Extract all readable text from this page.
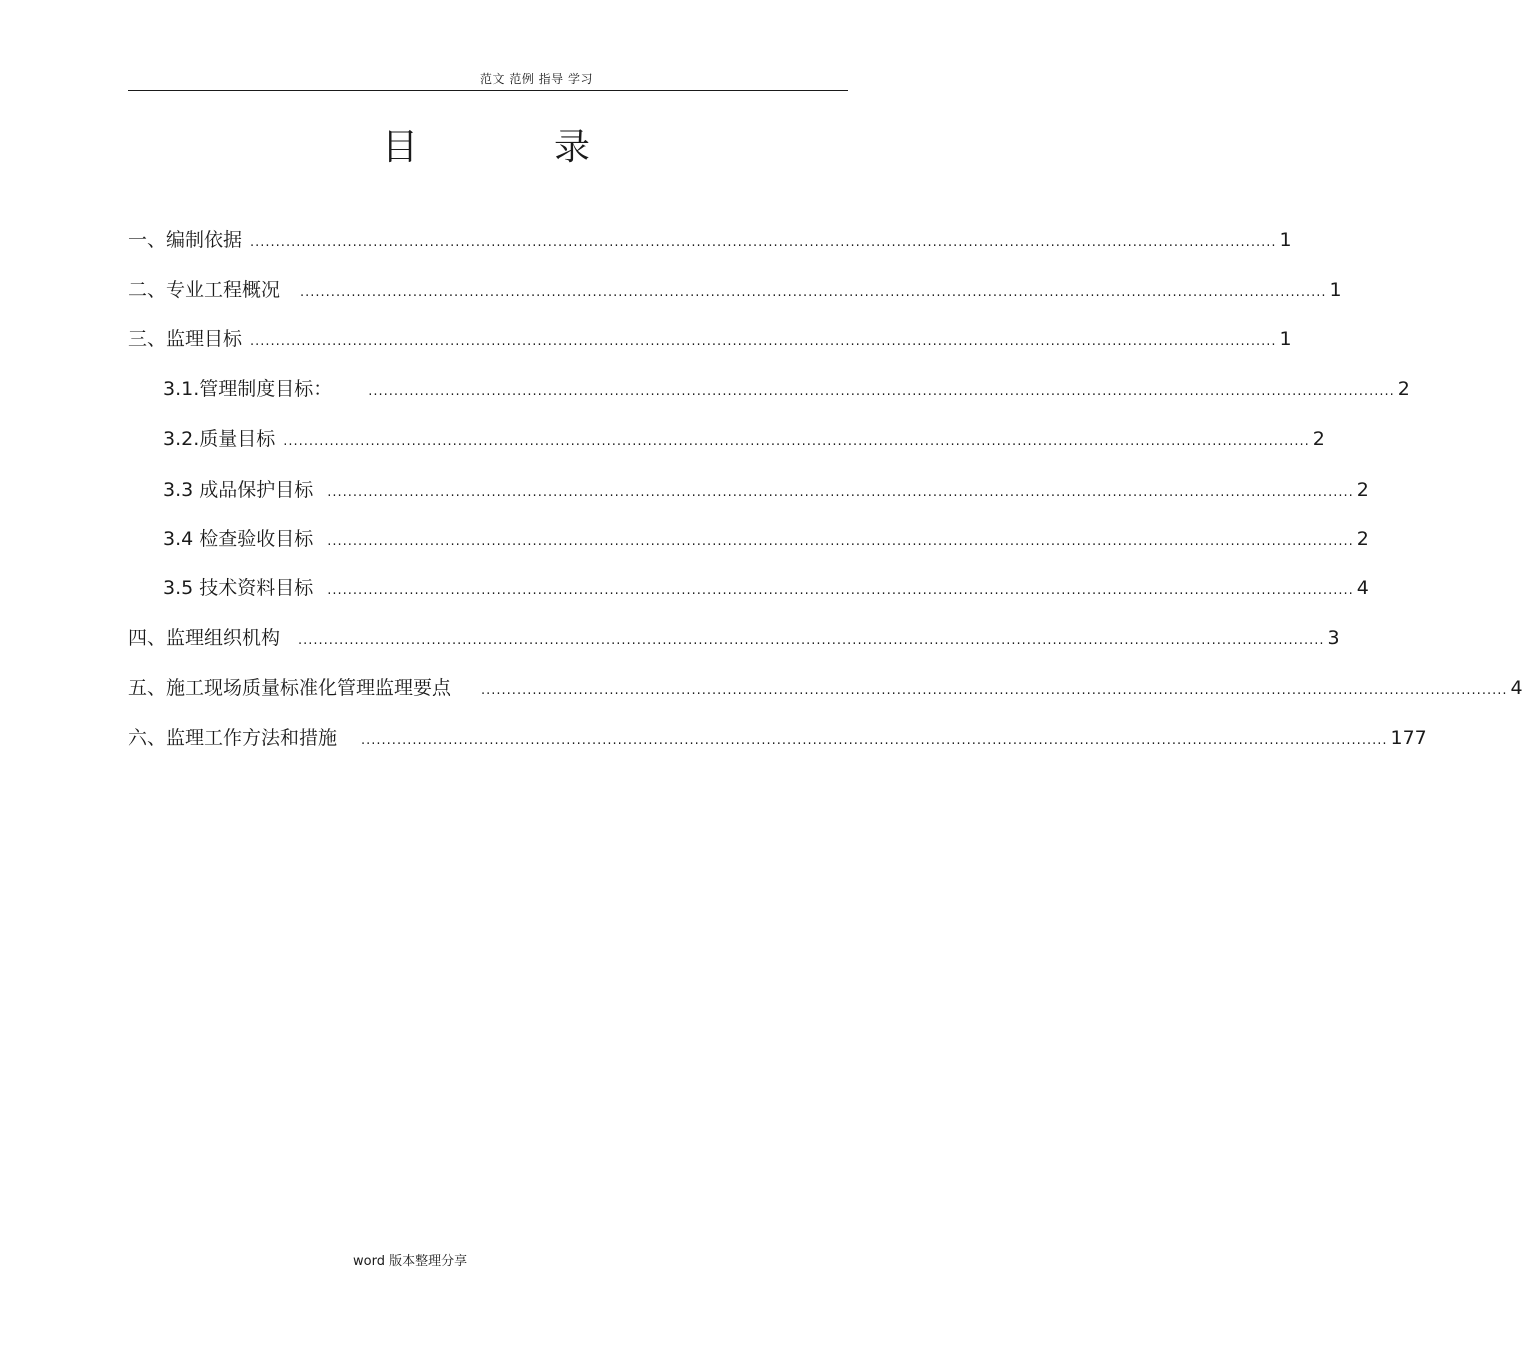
范文 范例 指导 学习
目	录
一、编制依据 ........................................................................................................................................................................................................ 1
二、专业工程概况 ........................................................................................................................................................................................................ 1
三、监理目标 ........................................................................................................................................................................................................ 1
3.1.管理制度目标：	........................................................................................................................................................................................................ 2
3.2.质量目标 ........................................................................................................................................................................................................ 2
3.3 成品保护目标 ........................................................................................................................................................................................................ 2
3.4 检查验收目标 ........................................................................................................................................................................................................ 2
3.5 技术资料目标 ........................................................................................................................................................................................................ 4
四、监理组织机构 ........................................................................................................................................................................................................ 3
五、施工现场质量标准化管理监理要点 ........................................................................................................................................................................................................ 4
六、监理工作方法和措施 ........................................................................................................................................................................................................ 177
word 版本整理分享
